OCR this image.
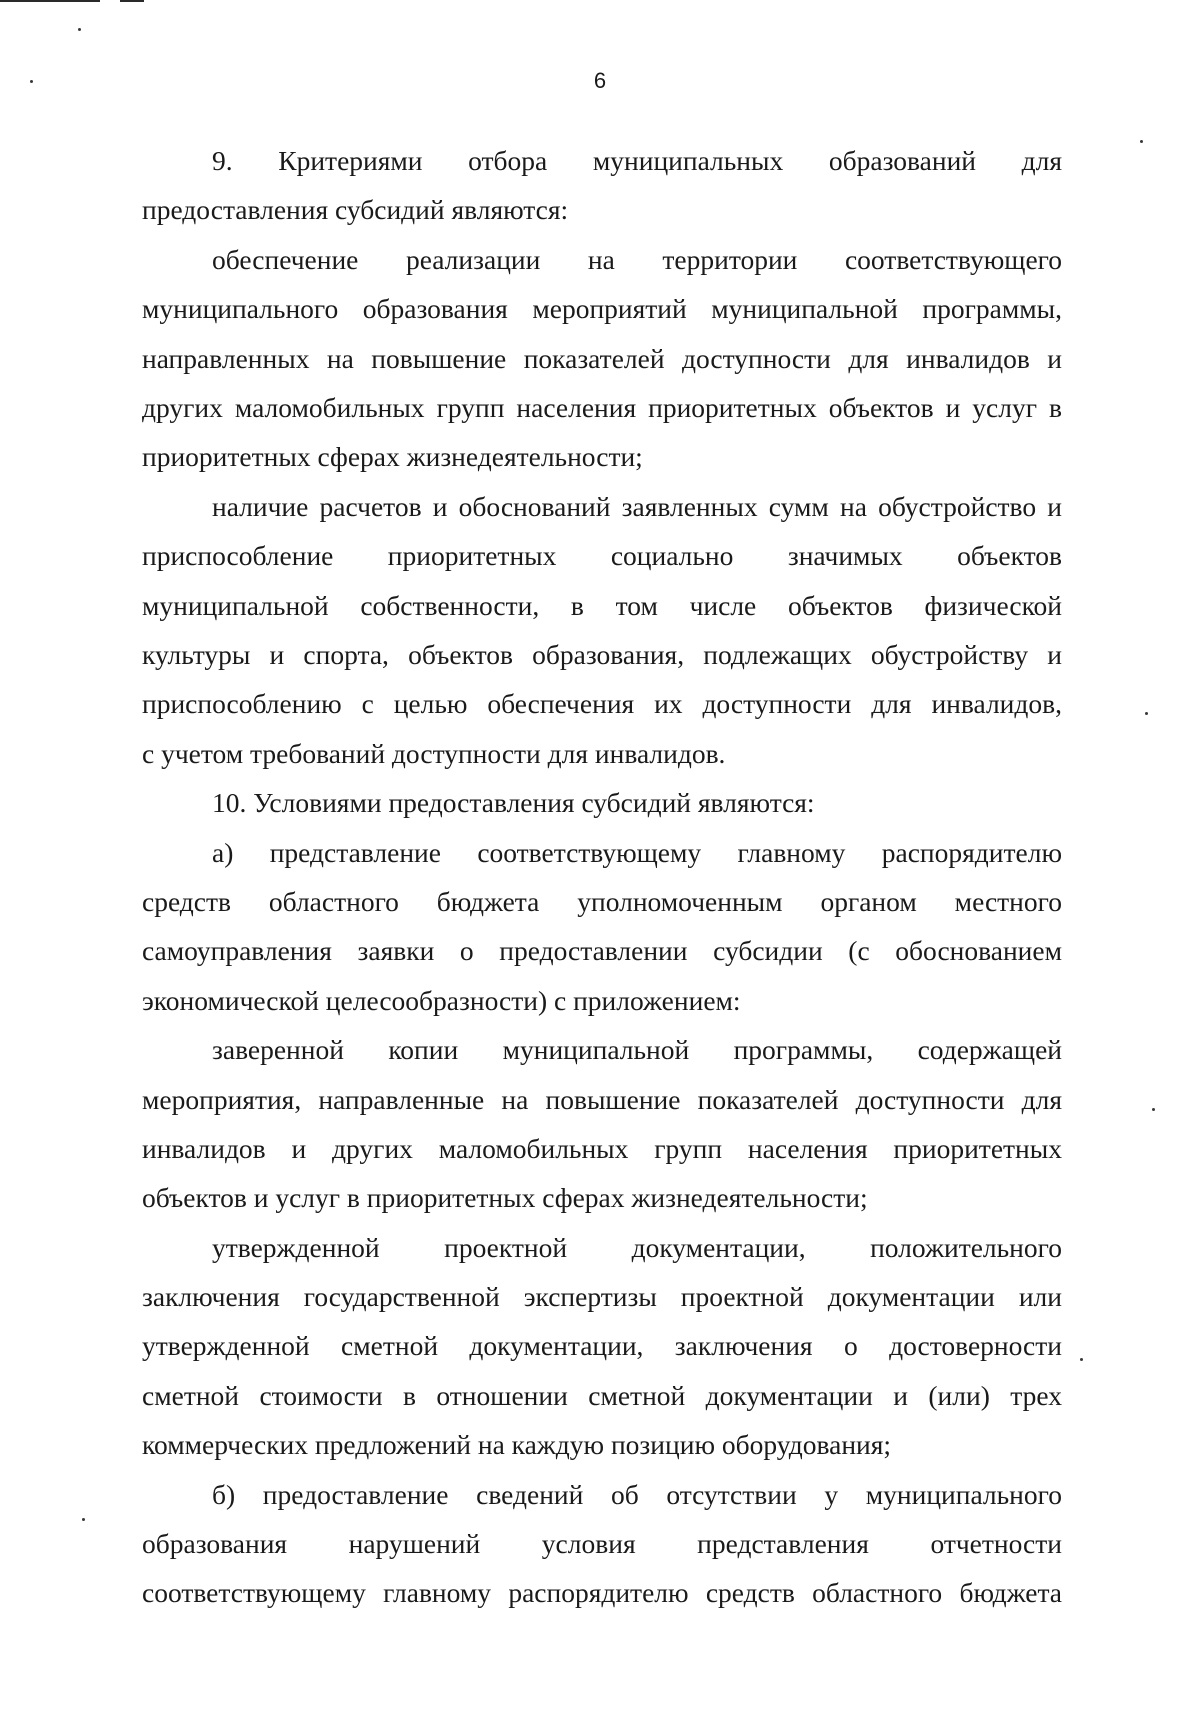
6
9. Критериями отбора муниципальных образований для
предоставления субсидий являются:
обеспечение реализации на территории соответствующего
муниципального образования мероприятий муниципальной программы,
направленных на повышение показателей доступности для инвалидов и
других маломобильных групп населения приоритетных объектов и услуг в
приоритетных сферах жизнедеятельности;
наличие расчетов и обоснований заявленных сумм на обустройство и
приспособление приоритетных социально значимых объектов
муниципальной собственности, в том числе объектов физической
культуры и спорта, объектов образования, подлежащих обустройству и
приспособлению с целью обеспечения их доступности для инвалидов,
с учетом требований доступности для инвалидов.
10. Условиями предоставления субсидий являются:
а) представление соответствующему главному распорядителю
средств областного бюджета уполномоченным органом местного
самоуправления заявки о предоставлении субсидии (с обоснованием
экономической целесообразности) с приложением:
заверенной копии муниципальной программы, содержащей
мероприятия, направленные на повышение показателей доступности для
инвалидов и других маломобильных групп населения приоритетных
объектов и услуг в приоритетных сферах жизнедеятельности;
утвержденной проектной документации, положительного
заключения государственной экспертизы проектной документации или
утвержденной сметной документации, заключения о достоверности
сметной стоимости в отношении сметной документации и (или) трех
коммерческих предложений на каждую позицию оборудования;
б) предоставление сведений об отсутствии у муниципального
образования нарушений условия представления отчетности
соответствующему главному распорядителю средств областного бюджета
